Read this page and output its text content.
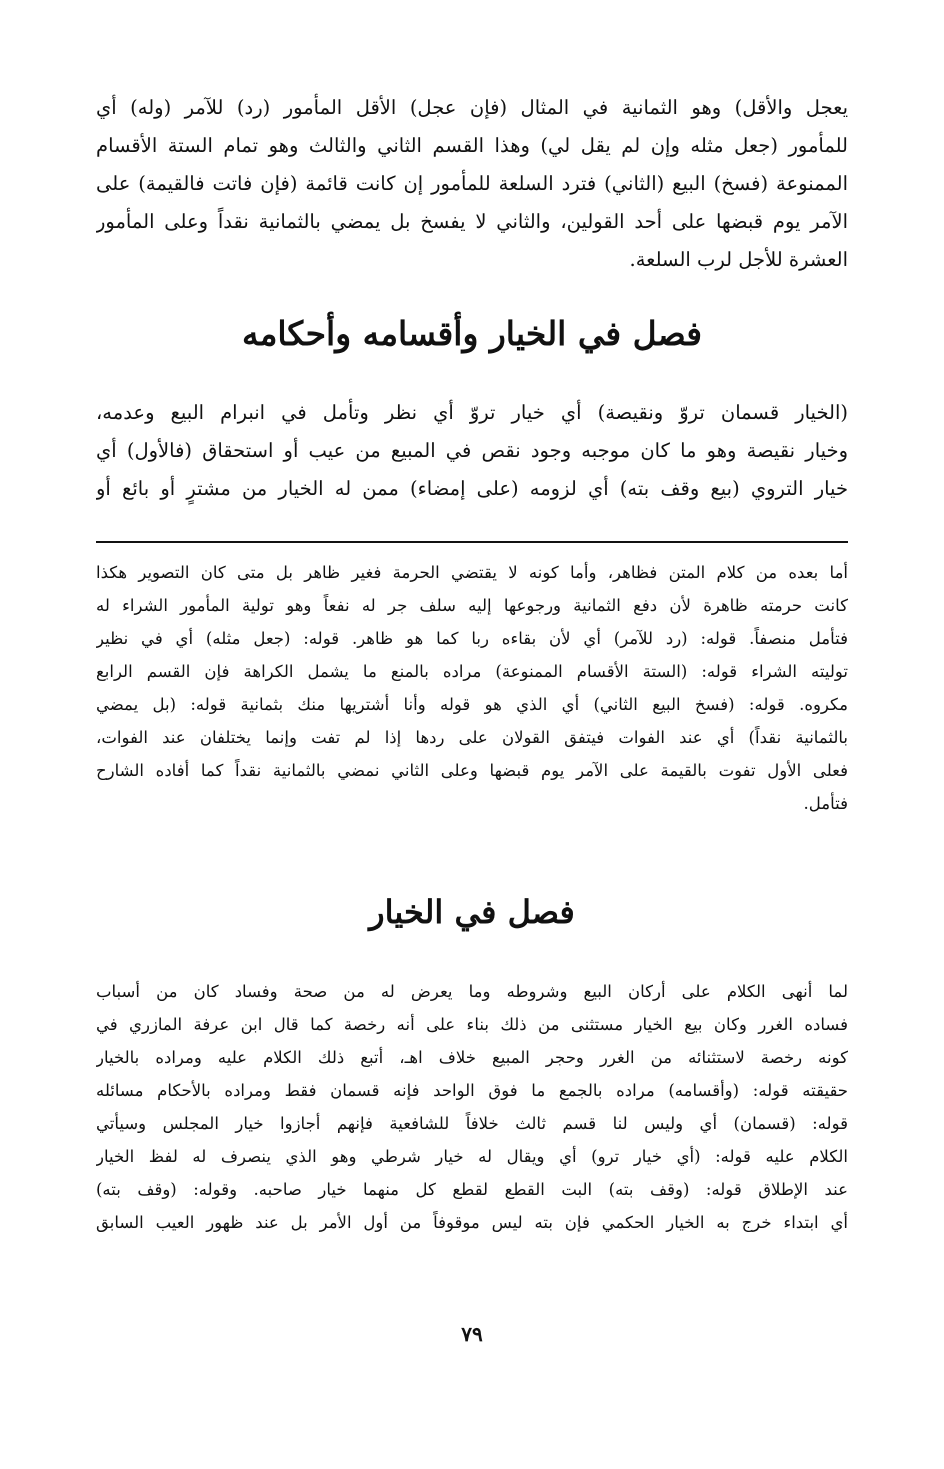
يعجل والأقل) وهو الثمانية في المثال (فإن عجل) الأقل المأمور (رد) للآمر (وله) أي
للمأمور (جعل مثله وإن لم يقل لي) وهذا القسم الثاني والثالث وهو تمام الستة الأقسام
الممنوعة (فسخ) البيع (الثاني) فترد السلعة للمأمور إن كانت قائمة (فإن فاتت فالقيمة) على
الآمر يوم قبضها على أحد القولين، والثاني لا يفسخ بل يمضي بالثمانية نقداً وعلى المأمور
العشرة للأجل لرب السلعة.
فصل في الخيار وأقسامه وأحكامه
(الخيار قسمان تروّ ونقيصة) أي خيار تروّ أي نظر وتأمل في انبرام البيع وعدمه،
وخيار نقيصة وهو ما كان موجبه وجود نقص في المبيع من عيب أو استحقاق (فالأول) أي
خيار التروي (بيع وقف بته) أي لزومه (على إمضاء) ممن له الخيار من مشترٍ أو بائع أو
أما بعده من كلام المتن فظاهر، وأما كونه لا يقتضي الحرمة فغير ظاهر بل متى كان التصوير هكذا
كانت حرمته ظاهرة لأن دفع الثمانية ورجوعها إليه سلف جر له نفعاً وهو تولية المأمور الشراء له
فتأمل منصفاً. قوله: (رد للآمر) أي لأن بقاءه ربا كما هو ظاهر. قوله: (جعل مثله) أي في نظير
توليته الشراء قوله: (الستة الأقسام الممنوعة) مراده بالمنع ما يشمل الكراهة فإن القسم الرابع
مكروه. قوله: (فسخ البيع الثاني) أي الذي هو قوله وأنا أشتريها منك بثمانية قوله: (بل يمضي
بالثمانية نقداً) أي عند الفوات فيتفق القولان على ردها إذا لم تفت وإنما يختلفان عند الفوات،
فعلى الأول تفوت بالقيمة على الآمر يوم قبضها وعلى الثاني نمضي بالثمانية نقداً كما أفاده الشارح
فتأمل.
فصل في الخيار
لما أنهى الكلام على أركان البيع وشروطه وما يعرض له من صحة وفساد كان من أسباب
فساده الغرر وكان بيع الخيار مستثنى من ذلك بناء على أنه رخصة كما قال ابن عرفة المازري في
كونه رخصة لاستثنائه من الغرر وحجر المبيع خلاف اهـ، أتبع ذلك الكلام عليه ومراده بالخيار
حقيقته قوله: (وأقسامه) مراده بالجمع ما فوق الواحد فإنه قسمان فقط ومراده بالأحكام مسائله
قوله: (قسمان) أي وليس لنا قسم ثالث خلافاً للشافعية فإنهم أجازوا خيار المجلس وسيأتي
الكلام عليه قوله: (أي خيار ترو) أي ويقال له خيار شرطي وهو الذي ينصرف له لفظ الخيار
عند الإطلاق قوله: (وقف بته) البت القطع لقطع كل منهما خيار صاحبه. وقوله: (وقف بته)
أي ابتداء خرج به الخيار الحكمي فإن بته ليس موقوفاً من أول الأمر بل عند ظهور العيب السابق
٧٩
